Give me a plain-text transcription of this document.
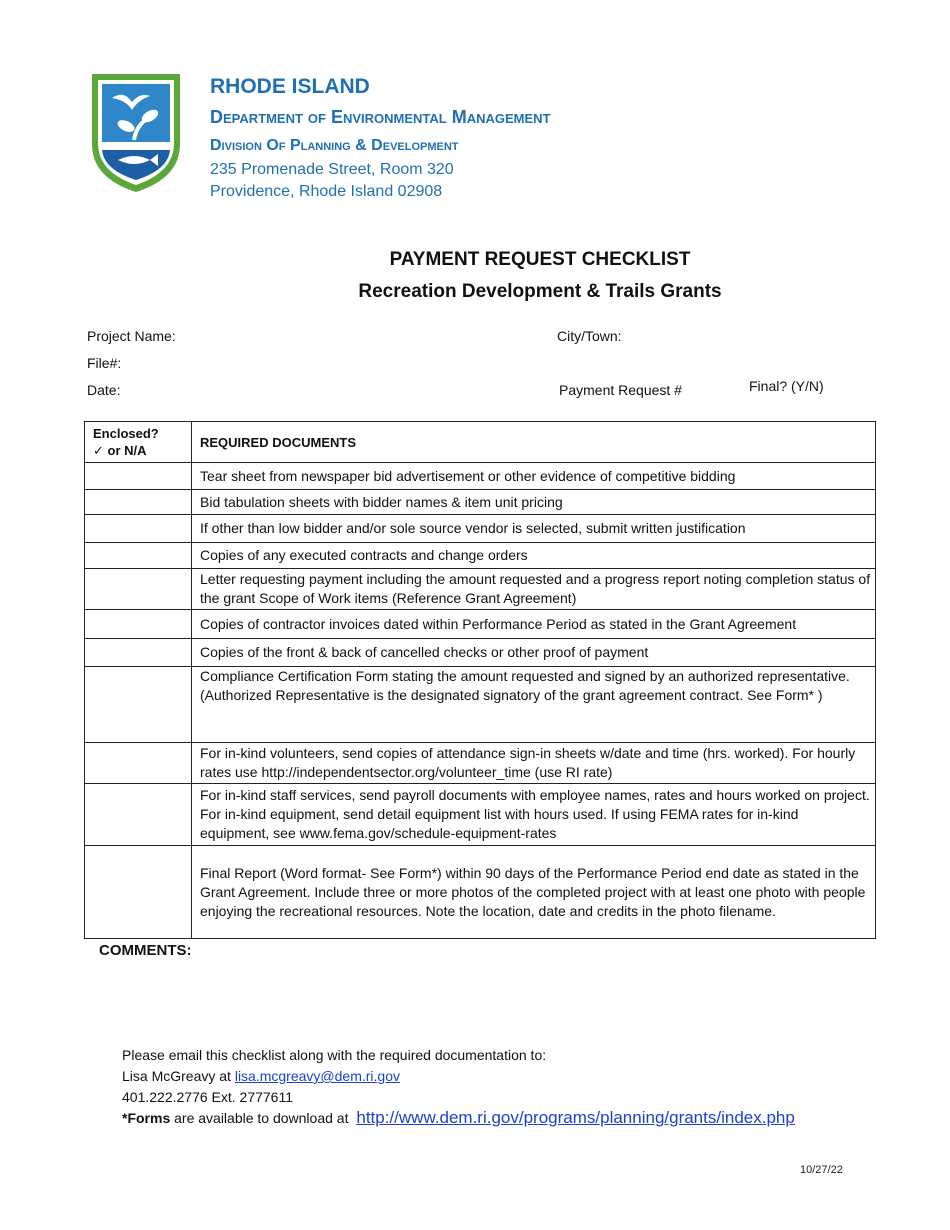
RHODE ISLAND
Department of Environmental Management
Division Of Planning & Development
235 Promenade Street, Room 320
Providence, Rhode Island 02908
PAYMENT REQUEST CHECKLIST
Recreation Development & Trails Grants
Project Name:	City/Town:
File#:
Date:	Payment Request #	Final? (Y/N)
Enclosed?
✓ or N/A	REQUIRED DOCUMENTS
	Tear sheet from newspaper bid advertisement or other evidence of competitive bidding
	Bid tabulation sheets with bidder names & item unit pricing
	If other than low bidder and/or sole source vendor is selected, submit written justification
	Copies of any executed contracts and change orders
	Letter requesting payment including the amount requested and a progress report noting completion status of the grant Scope of Work items (Reference Grant Agreement)
	Copies of contractor invoices dated within Performance Period as stated in the Grant Agreement
	Copies of the front & back of cancelled checks or other proof of payment
	Compliance Certification Form stating the amount requested and signed by an authorized representative. (Authorized Representative is the designated signatory of the grant agreement contract. See Form* )
	For in-kind volunteers, send copies of attendance sign-in sheets w/date and time (hrs. worked). For hourly rates use http://independentsector.org/volunteer_time (use RI rate)
	For in-kind staff services, send payroll documents with employee names, rates and hours worked on project. For in-kind equipment, send detail equipment list with hours used. If using FEMA rates for in-kind equipment, see www.fema.gov/schedule-equipment-rates
	Final Report (Word format- See Form*) within 90 days of the Performance Period end date as stated in the Grant Agreement. Include three or more photos of the completed project with at least one photo with people enjoying the recreational resources. Note the location, date and credits in the photo filename.
COMMENTS:
Please email this checklist along with the required documentation to:
Lisa McGreavy at lisa.mcgreavy@dem.ri.gov
401.222.2776 Ext. 2777611
*Forms are available to download at http://www.dem.ri.gov/programs/planning/grants/index.php
10/27/22
